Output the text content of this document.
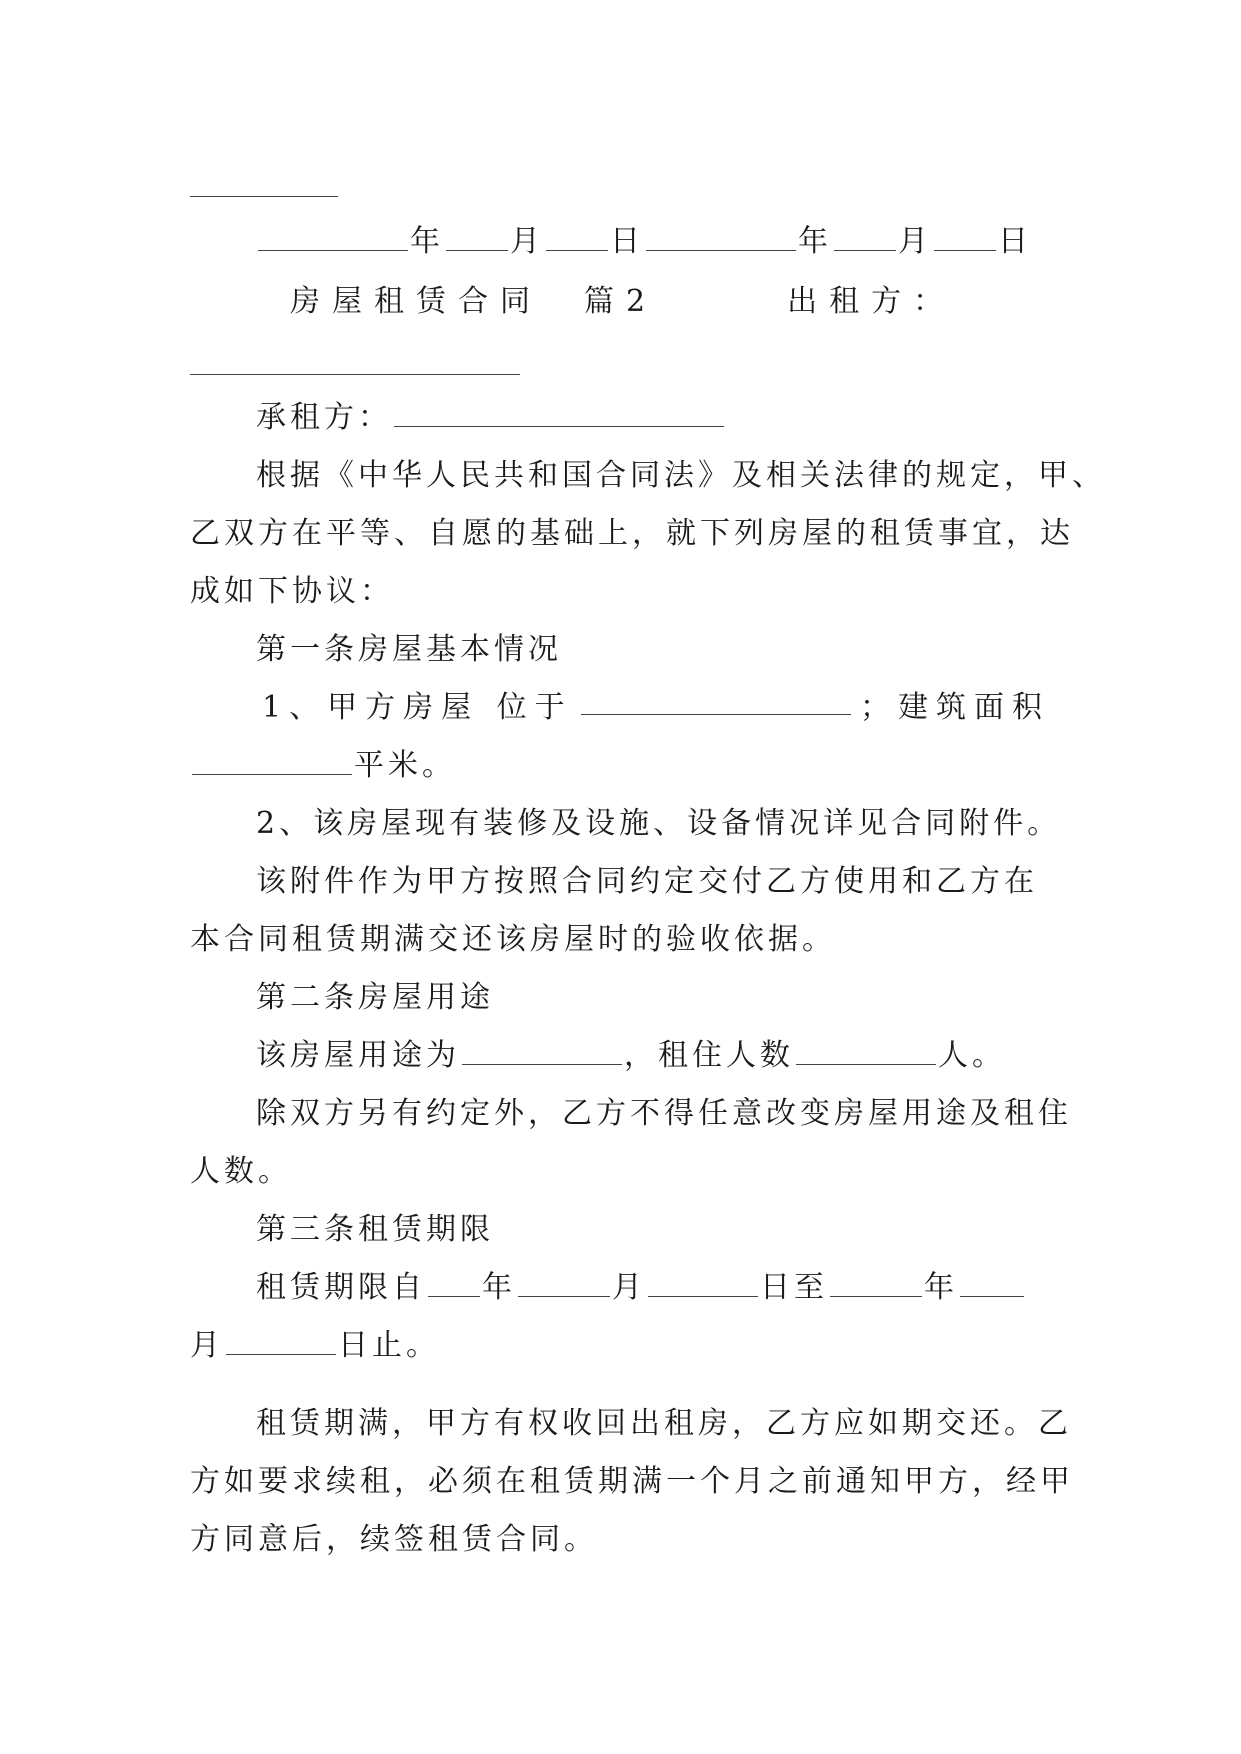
年 月 日	年 月 日
房屋租赁合同　篇2	出租方：
承租方：
根据《中华人民共和国合同法》及相关法律的规定，甲、
乙双方在平等、自愿的基础上，就下列房屋的租赁事宜，达
成如下协议：
第一条房屋基本情况
1、甲方房屋 位于	；建筑面积
平米。
2、该房屋现有装修及设施、设备情况详见合同附件。
该附件作为甲方按照合同约定交付乙方使用和乙方在
本合同租赁期满交还该房屋时的验收依据。
第二条房屋用途
该房屋用途为	，租住人数	人。
除双方另有约定外，乙方不得任意改变房屋用途及租住
人数。
第三条租赁期限
租赁期限自 年	月	日至	年
月	日止。
租赁期满，甲方有权收回出租房，乙方应如期交还。乙
方如要求续租，必须在租赁期满一个月之前通知甲方，经甲
方同意后，续签租赁合同。
